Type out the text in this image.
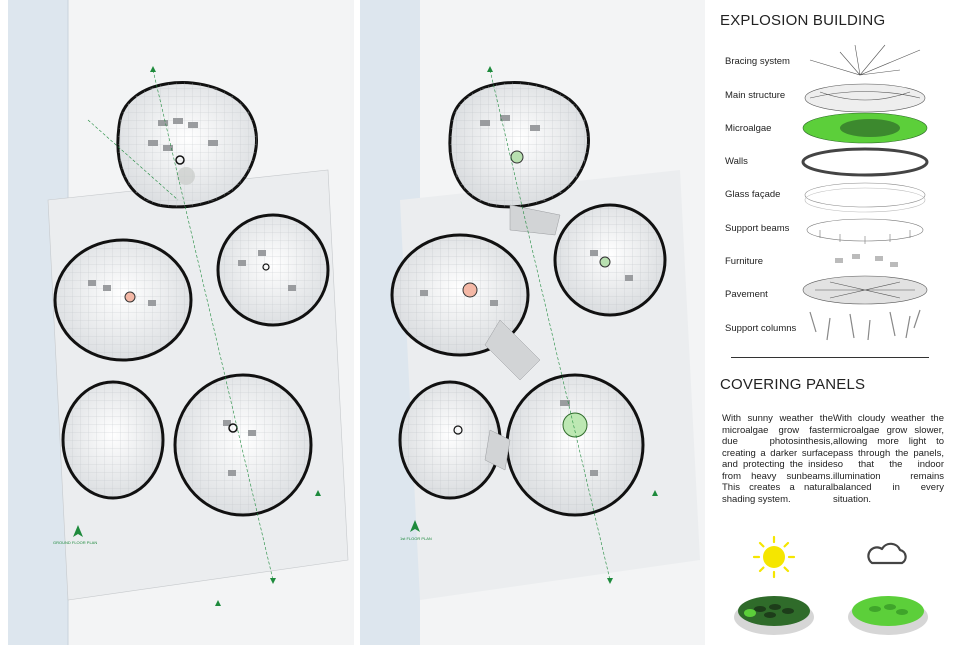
GROUND FLOOR PLAN
1st FLOOR PLAN
EXPLOSION BUILDING
Bracing system
Main structure
Microalgae
Walls
Glass façade
Support beams
Furniture
Pavement
Support columns
COVERING PANELS

With sunny weather the microalgae grow faster due photosinthesis, creating a darker surface and protecting the inside from heavy sunbeams. This creates a natural shading system.

With cloudy weather the microalgae grow slower, allowing more light to pass through the panels, so that the indoor illumination remains balanced in every situation.
